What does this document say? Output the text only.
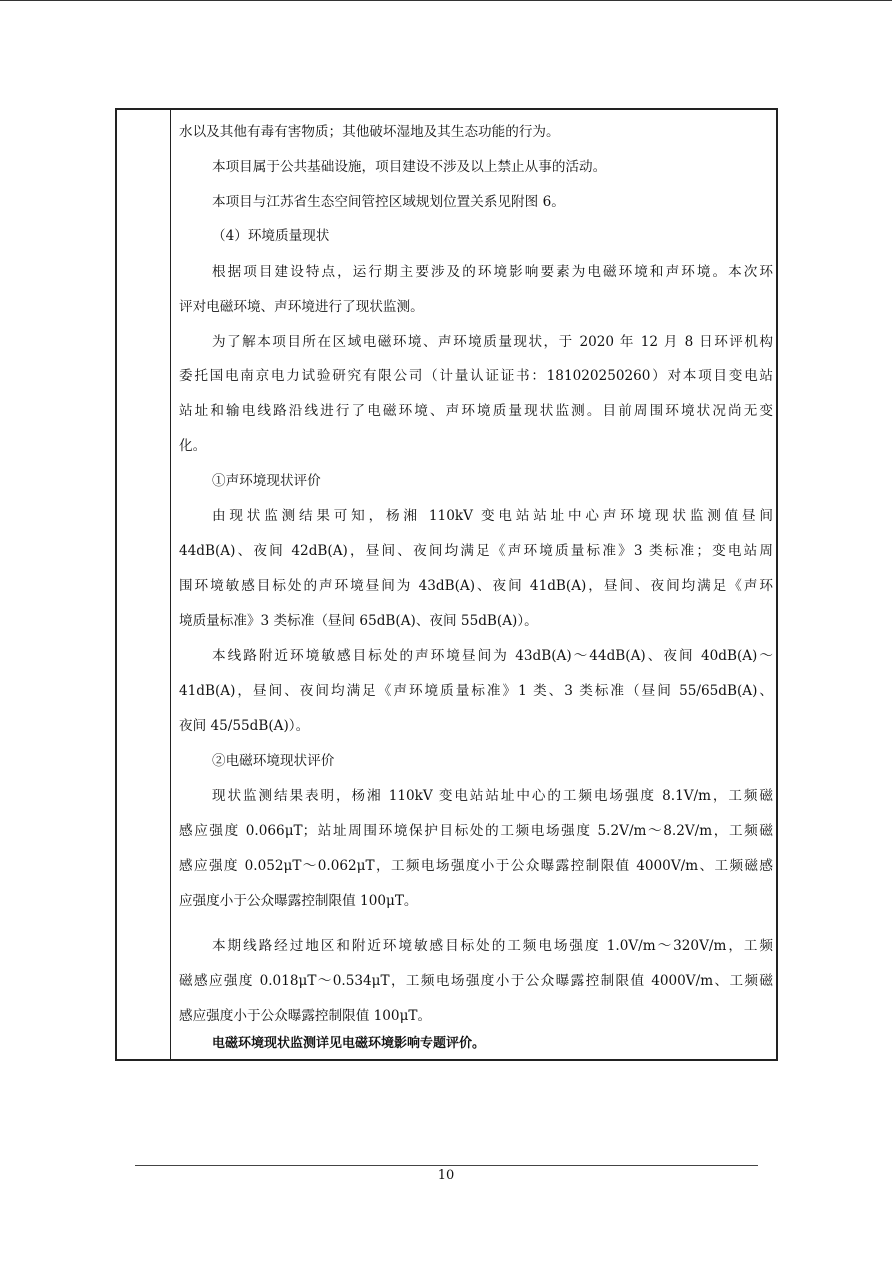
水以及其他有毒有害物质；其他破坏湿地及其生态功能的行为。
本项目属于公共基础设施，项目建设不涉及以上禁止从事的活动。
本项目与江苏省生态空间管控区域规划位置关系见附图 6。
（4）环境质量现状
根据项目建设特点，运行期主要涉及的环境影响要素为电磁环境和声环境。本次环
评对电磁环境、声环境进行了现状监测。
为了解本项目所在区域电磁环境、声环境质量现状，于 2020 年 12 月 8 日环评机构
委托国电南京电力试验研究有限公司（计量认证证书：181020250260）对本项目变电站
站址和输电线路沿线进行了电磁环境、声环境质量现状监测。目前周围环境状况尚无变
化。
①声环境现状评价
由现状监测结果可知，杨湘 110kV 变电站站址中心声环境现状监测值昼间
44dB(A)、夜间 42dB(A)，昼间、夜间均满足《声环境质量标准》3 类标准；变电站周
围环境敏感目标处的声环境昼间为 43dB(A)、夜间 41dB(A)，昼间、夜间均满足《声环
境质量标准》3 类标准（昼间 65dB(A)、夜间 55dB(A)）。
本线路附近环境敏感目标处的声环境昼间为 43dB(A)～44dB(A)、夜间 40dB(A)～
41dB(A)，昼间、夜间均满足《声环境质量标准》1 类、3 类标准（昼间 55/65dB(A)、
夜间 45/55dB(A)）。
②电磁环境现状评价
现状监测结果表明，杨湘 110kV 变电站站址中心的工频电场强度 8.1V/m，工频磁
感应强度 0.066μT；站址周围环境保护目标处的工频电场强度 5.2V/m～8.2V/m，工频磁
感应强度 0.052μT～0.062μT，工频电场强度小于公众曝露控制限值 4000V/m、工频磁感
应强度小于公众曝露控制限值 100μT。
本期线路经过地区和附近环境敏感目标处的工频电场强度 1.0V/m～320V/m，工频
磁感应强度 0.018μT～0.534μT，工频电场强度小于公众曝露控制限值 4000V/m、工频磁
感应强度小于公众曝露控制限值 100μT。
电磁环境现状监测详见电磁环境影响专题评价。
10
